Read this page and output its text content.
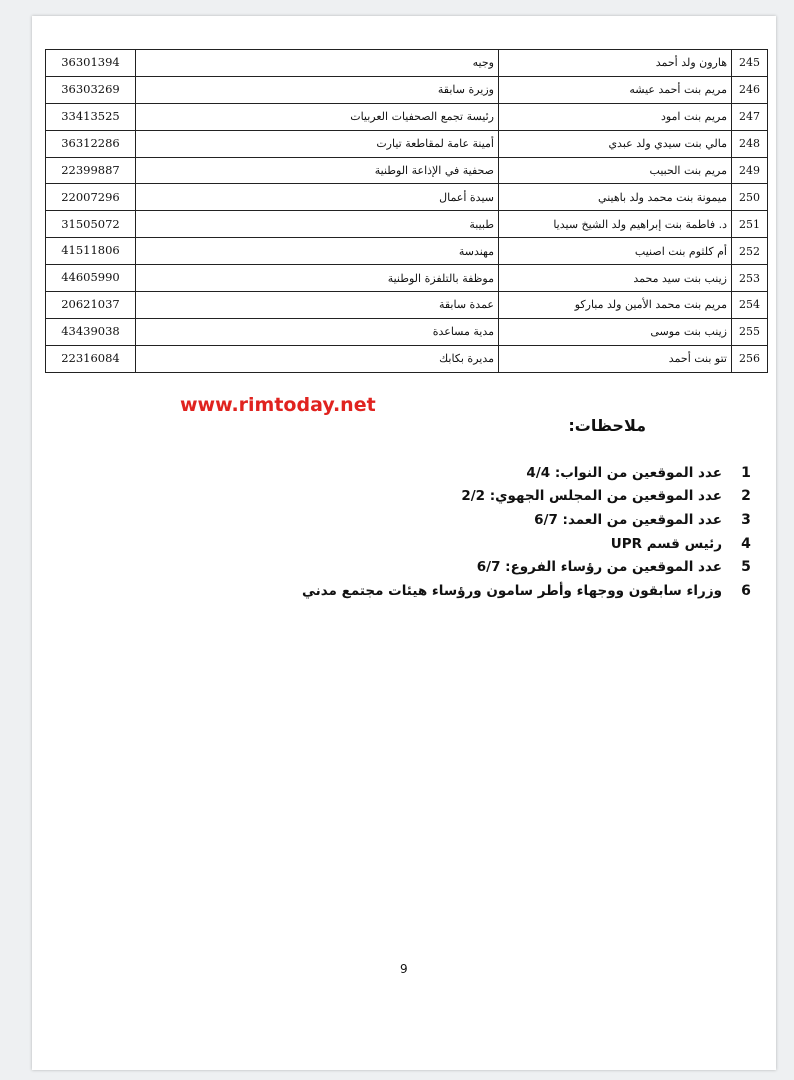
36301394	وجيه	هارون ولد أحمد	245
36303269	وزيرة سابقة	مريم بنت أحمد عيشه	246
33413525	رئيسة تجمع الصحفيات العربيات	مريم بنت امود	247
36312286	أمينة عامة لمقاطعة تيارت	مالي بنت سيدي ولد عبدي	248
22399887	صحفية في الإذاعة الوطنية	مريم بنت الحبيب	249
22007296	سيدة أعمال	ميمونة بنت محمد ولد باهيني	250
31505072	طبيبة	د. فاطمة بنت إبراهيم ولد الشيخ سيديا	251
41511806	مهندسة	أم كلثوم بنت اصنيب	252
44605990	موظفة بالتلفزة الوطنية	زينب بنت سيد محمد	253
20621037	عمدة سابقة	مريم بنت محمد الأمين ولد مباركو	254
43439038	مدية مساعدة	زينب بنت موسى	255
22316084	مديرة بكابك	تتو بنت أحمد	256
www.rimtoday.net
ملاحظات:
1
عدد الموقعين من النواب: 4/4
2
عدد الموقعين من المجلس الجهوي: 2/2
3
عدد الموقعين من العمد: 6/7
4
رئيس قسم UPR
5
عدد الموقعين من رؤساء الفروع: 6/7
6
وزراء سابقون ووجهاء وأطر سامون ورؤساء هيئات مجتمع مدني
9
